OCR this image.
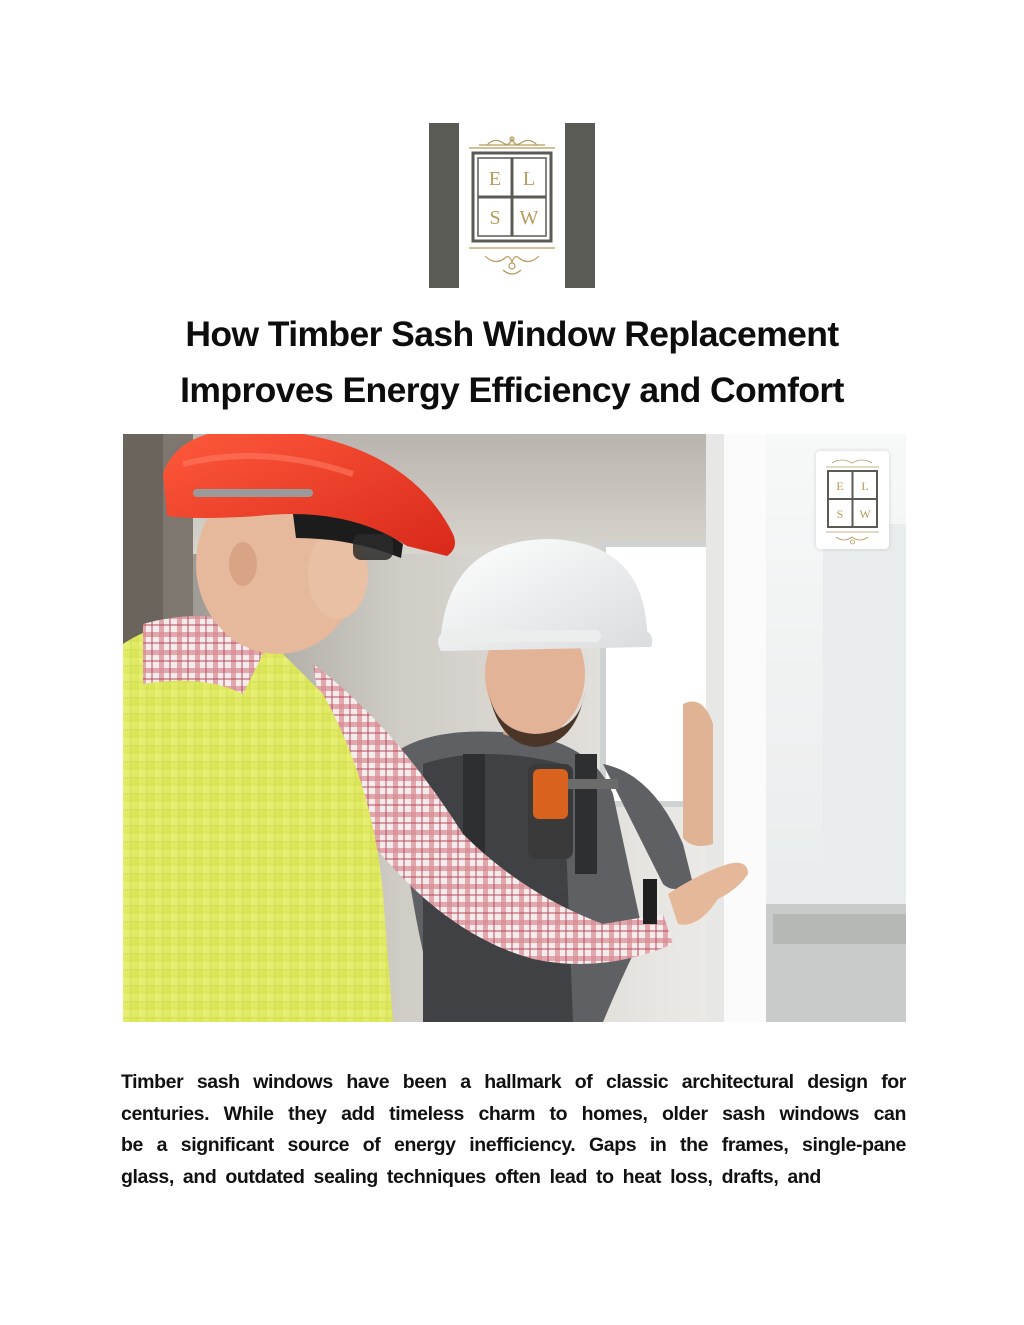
E L
S W
How Timber Sash Window Replacement
Improves Energy Efficiency and Comfort
E L
S W
Timber sash windows have been a hallmark of classic architectural design for
centuries. While they add timeless charm to homes, older sash windows can
be a significant source of energy inefficiency. Gaps in the frames, single-pane
glass, and outdated sealing techniques often lead to heat loss, drafts, and
